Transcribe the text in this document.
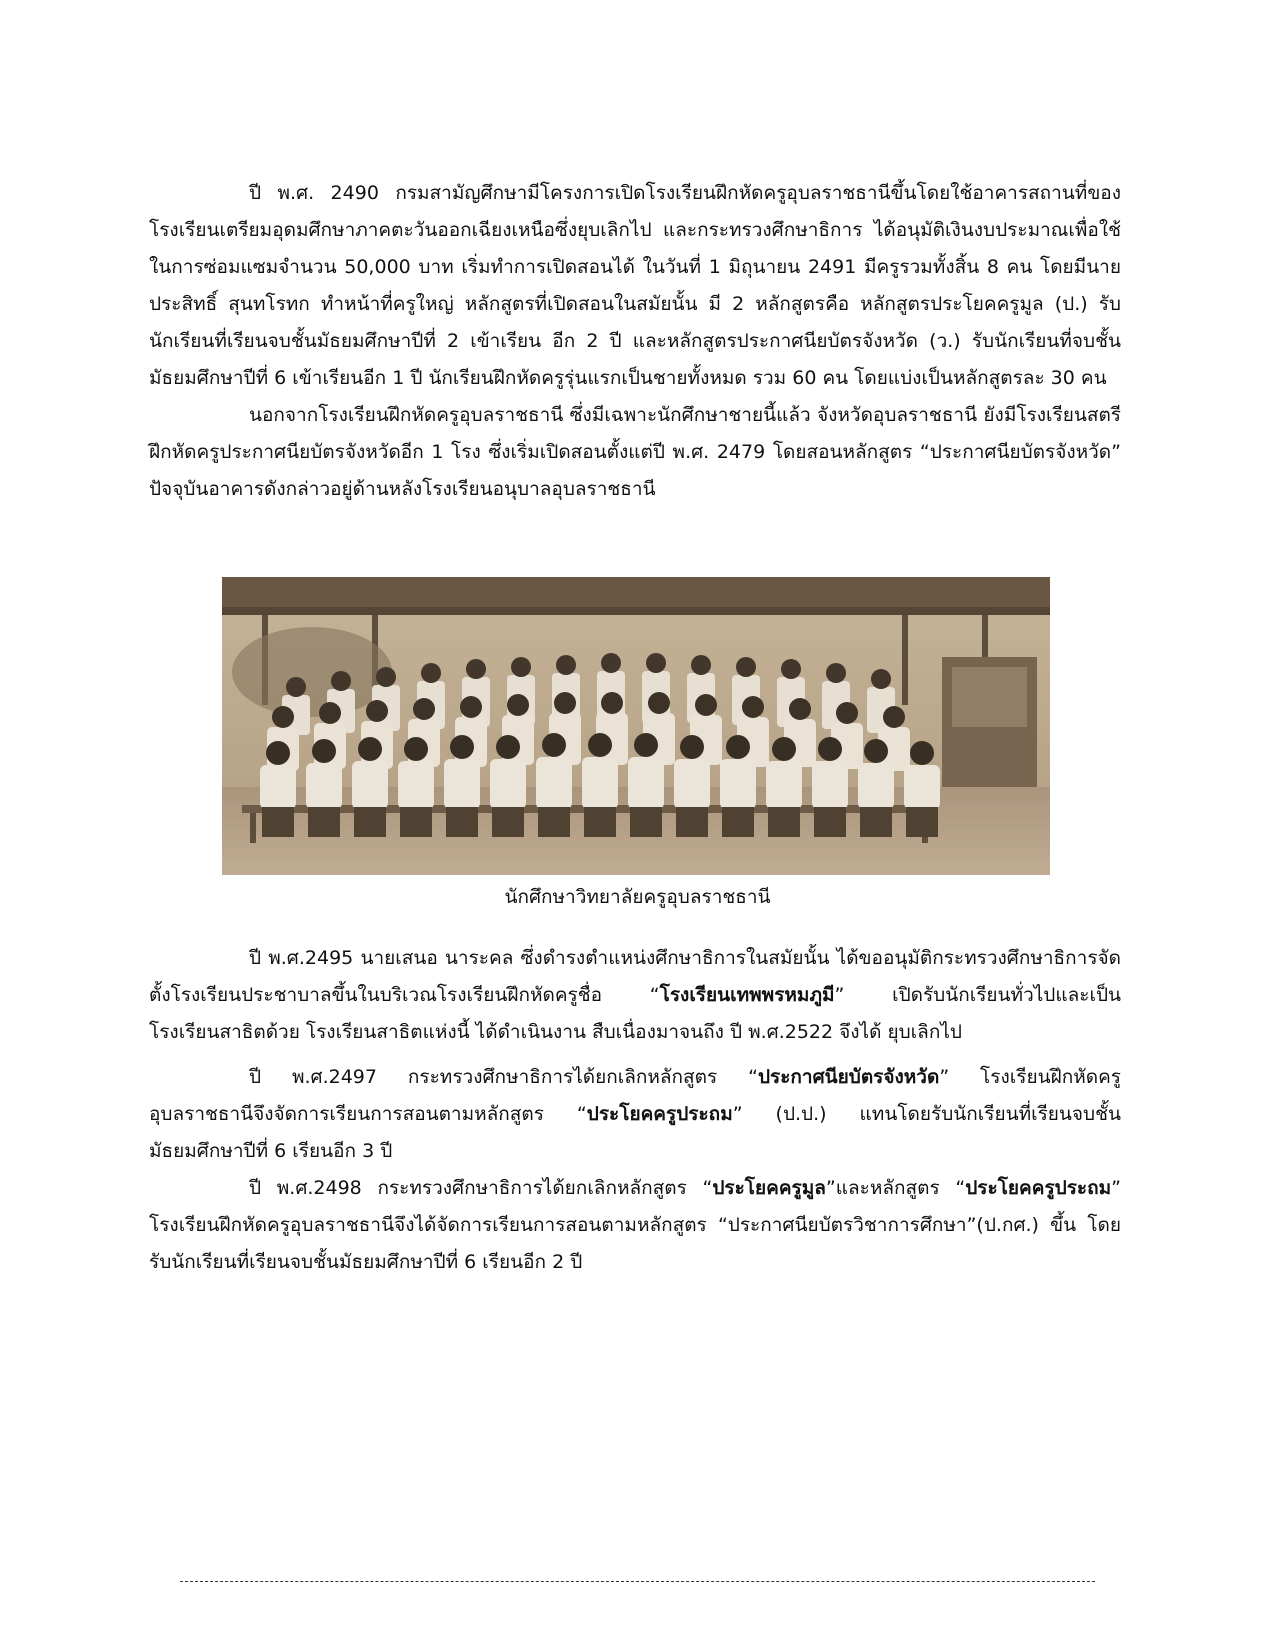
ปี พ.ศ. 2490 กรมสามัญศึกษามีโครงการเปิดโรงเรียนฝึกหัดครูอุบลราชธานีขึ้นโดยใช้อาคารสถานที่ของโรงเรียนเตรียมอุดมศึกษาภาคตะวันออกเฉียงเหนือซึ่งยุบเลิกไป และกระทรวงศึกษาธิการ ได้อนุมัติเงินงบประมาณเพื่อใช้ในการซ่อมแซมจำนวน 50,000 บาท เริ่มทำการเปิดสอนได้ ในวันที่ 1 มิถุนายน 2491 มีครูรวมทั้งสิ้น 8 คน โดยมีนายประสิทธิ์ สุนทโรทก ทำหน้าที่ครูใหญ่ หลักสูตรที่เปิดสอนในสมัยนั้น มี 2 หลักสูตรคือ หลักสูตรประโยคครูมูล (ป.) รับนักเรียนที่เรียนจบชั้นมัธยมศึกษาปีที่ 2 เข้าเรียน อีก 2 ปี และหลักสูตรประกาศนียบัตรจังหวัด (ว.) รับนักเรียนที่จบชั้นมัธยมศึกษาปีที่ 6 เข้าเรียนอีก 1 ปี นักเรียนฝึกหัดครูรุ่นแรกเป็นชายทั้งหมด รวม 60 คน โดยแบ่งเป็นหลักสูตรละ 30 คน

นอกจากโรงเรียนฝึกหัดครูอุบลราชธานี ซึ่งมีเฉพาะนักศึกษาชายนี้แล้ว จังหวัดอุบลราชธานี ยังมีโรงเรียนสตรีฝึกหัดครูประกาศนียบัตรจังหวัดอีก 1 โรง ซึ่งเริ่มเปิดสอนตั้งแต่ปี พ.ศ. 2479 โดยสอนหลักสูตร “ประกาศนียบัตรจังหวัด” ปัจจุบันอาคารดังกล่าวอยู่ด้านหลังโรงเรียนอนุบาลอุบลราชธานี

นักศึกษาวิทยาลัยครูอุบลราชธานี

ปี พ.ศ.2495 นายเสนอ นาระคล ซึ่งดำรงตำแหน่งศึกษาธิการในสมัยนั้น ได้ขออนุมัติกระทรวงศึกษาธิการจัดตั้งโรงเรียนประชาบาลขึ้นในบริเวณโรงเรียนฝึกหัดครูชื่อ “โรงเรียนเทพพรหมภูมี” เปิดรับนักเรียนทั่วไปและเป็นโรงเรียนสาธิตด้วย โรงเรียนสาธิตแห่งนี้ ได้ดำเนินงาน สืบเนื่องมาจนถึง ปี พ.ศ.2522 จึงได้ ยุบเลิกไป

ปี พ.ศ.2497 กระทรวงศึกษาธิการได้ยกเลิกหลักสูตร “ประกาศนียบัตรจังหวัด” โรงเรียนฝึกหัดครูอุบลราชธานีจึงจัดการเรียนการสอนตามหลักสูตร “ประโยคครูประถม” (ป.ป.) แทนโดยรับนักเรียนที่เรียนจบชั้นมัธยมศึกษาปีที่ 6 เรียนอีก 3 ปี

ปี พ.ศ.2498 กระทรวงศึกษาธิการได้ยกเลิกหลักสูตร “ประโยคครูมูล”และหลักสูตร “ประโยคครูประถม” โรงเรียนฝึกหัดครูอุบลราชธานีจึงได้จัดการเรียนการสอนตามหลักสูตร “ประกาศนียบัตรวิชาการศึกษา”(ป.กศ.) ขึ้น โดยรับนักเรียนที่เรียนจบชั้นมัธยมศึกษาปีที่ 6 เรียนอีก 2 ปี
